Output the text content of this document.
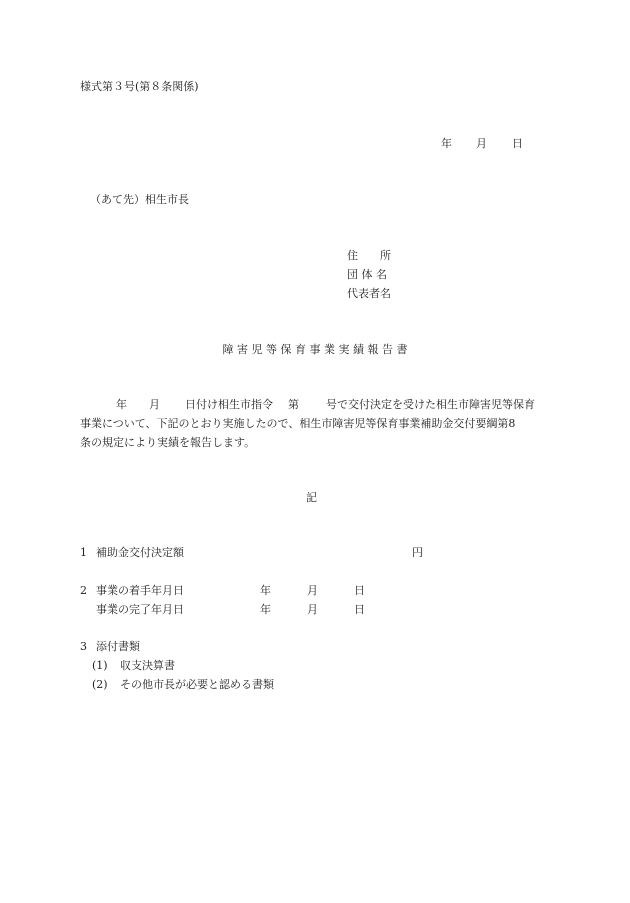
様式第３号(第８条関係)
年 月 日
（あて先）相生市長
住　　所
団 体 名
代表者名
障 害 児 等 保 育 事 業 実 績 報 告 書
年 月 日付け相生市指令 第 号で交付決定を受けた相生市障害児等保育
事業について、下記のとおり実施したので、相生市障害児等保育事業補助金交付要綱第8
条の規定により実績を報告します。
記
1 補助金交付決定額	円
2 事業の着手年月日	年	月	日
事業の完了年月日	年	月	日
3 添付書類
(1) 収支決算書
(2) その他市長が必要と認める書類
